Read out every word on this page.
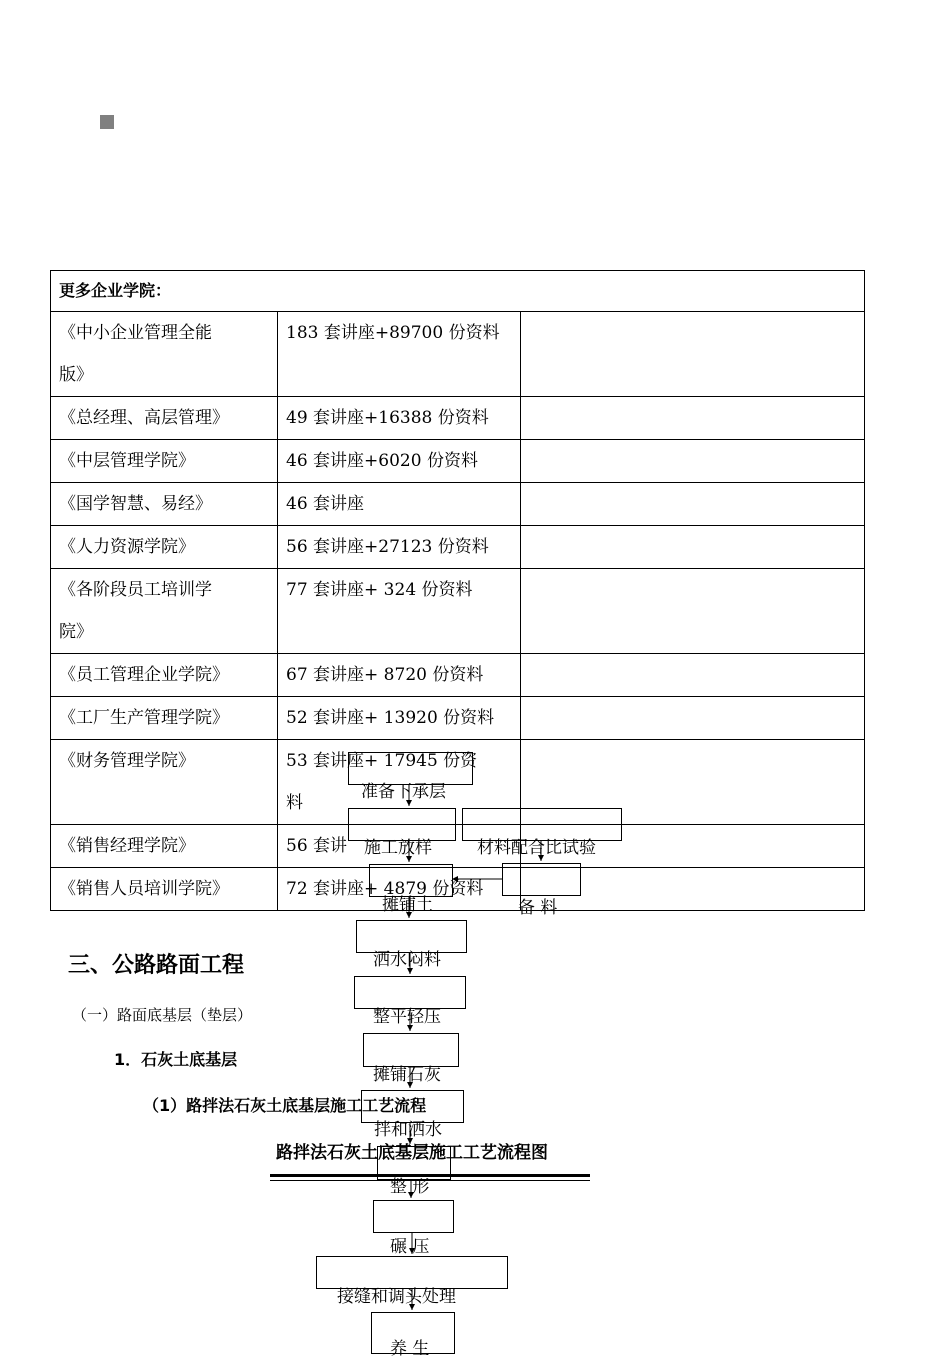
更多企业学院：		

《中小企业管理全能
版》	183 套讲座+89700 份资料	

《总经理、高层管理》	49 套讲座+16388 份资料	

《中层管理学院》	46 套讲座+6020 份资料	

《国学智慧、易经》	46 套讲座	

《人力资源学院》	56 套讲座+27123 份资料	

《各阶段员工培训学
院》	77 套讲座+ 324 份资料	

《员工管理企业学院》	67 套讲座+ 8720 份资料	

《工厂生产管理学院》	52 套讲座+ 13920 份资料	

《财务管理学院》	53 套讲座+ 17945 份资
料	

《销售经理学院》	56 套讲	

《销售人员培训学院》	72 套讲座+ 4879 份资料	

三、公路路面工程
（一）路面底基层（垫层）
1．石灰土底基层
（1）路拌法石灰土底基层施工工艺流程
路拌法石灰土底基层施工工艺流程图
准备下承层
施工放样	材料配合比试验
摊铺土	备 料
洒水闷料
整平轻压
摊铺石灰
拌和洒水
整 形
碾 压
接缝和调头处理
养 生
